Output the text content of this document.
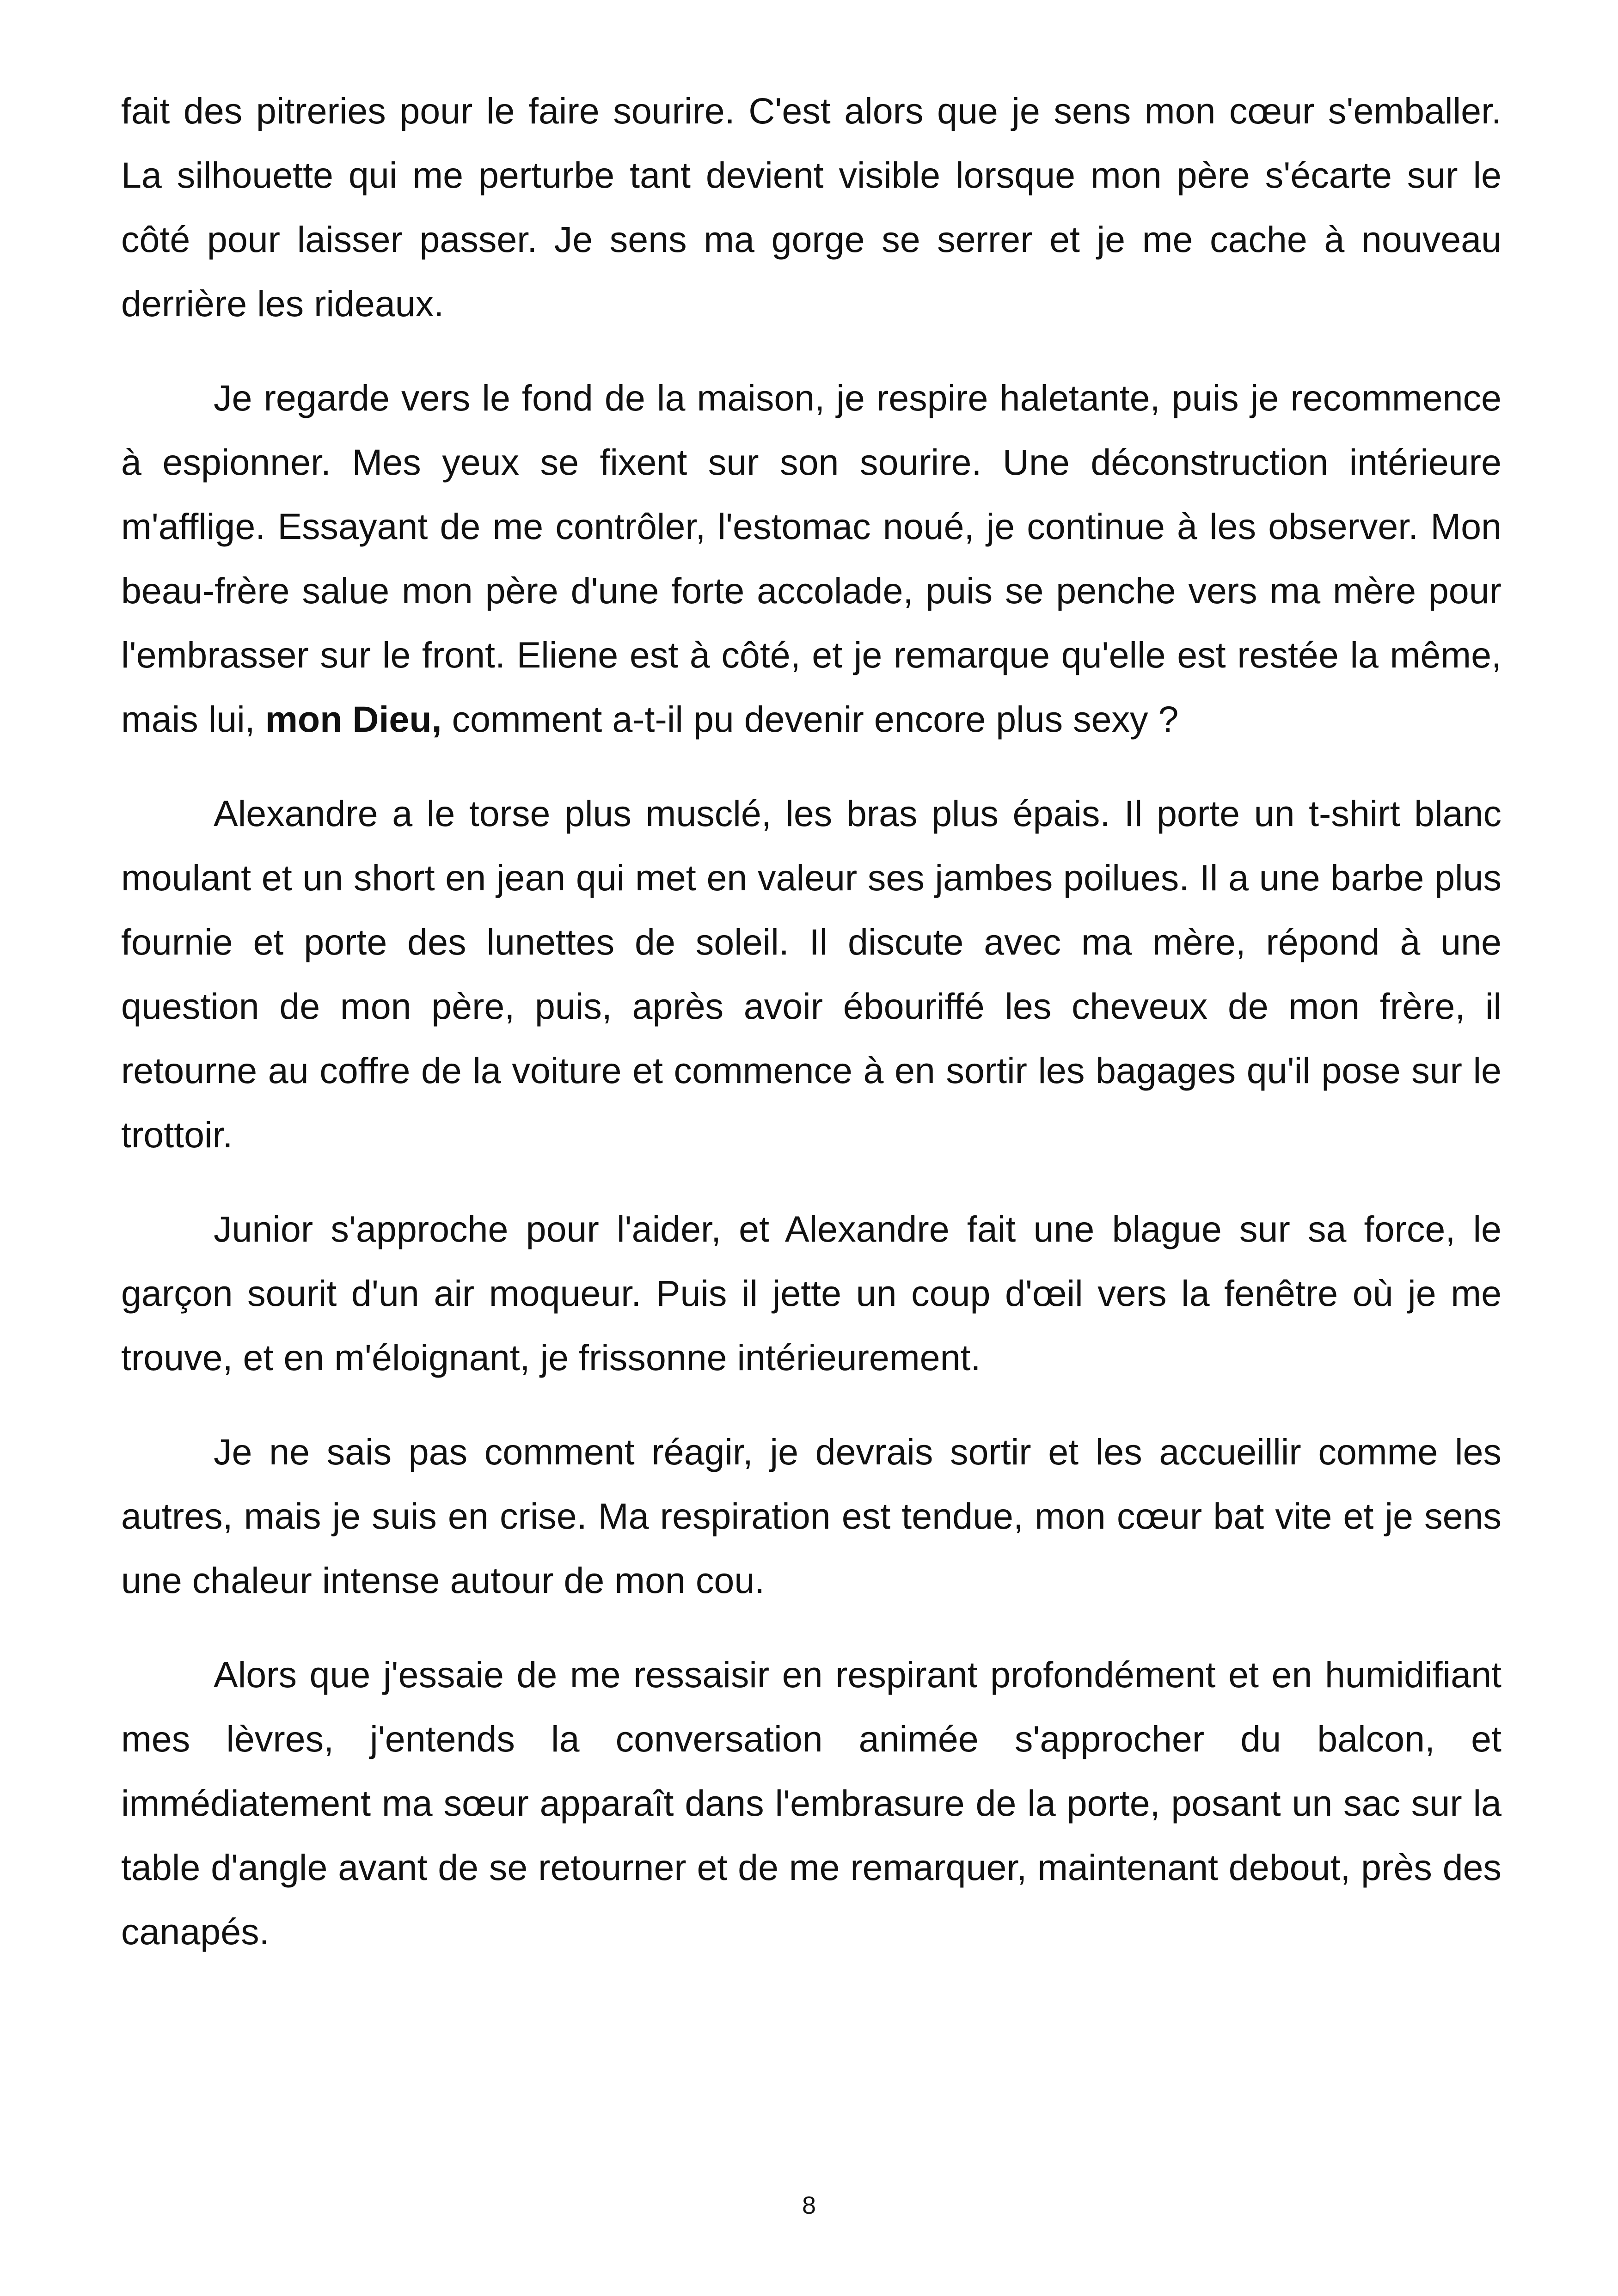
fait des pitreries pour le faire sourire. C'est alors que je sens mon cœur s'emballer. La silhouette qui me perturbe tant devient visible lorsque mon père s'écarte sur le côté pour laisser passer. Je sens ma gorge se serrer et je me cache à nouveau derrière les rideaux.

Je regarde vers le fond de la maison, je respire haletante, puis je recommence à espionner. Mes yeux se fixent sur son sourire. Une déconstruction intérieure m'afflige. Essayant de me contrôler, l'estomac noué, je continue à les observer. Mon beau-frère salue mon père d'une forte accolade, puis se penche vers ma mère pour l'embrasser sur le front. Eliene est à côté, et je remarque qu'elle est restée la même, mais lui, mon Dieu, comment a-t-il pu devenir encore plus sexy ?

Alexandre a le torse plus musclé, les bras plus épais. Il porte un t-shirt blanc moulant et un short en jean qui met en valeur ses jambes poilues. Il a une barbe plus fournie et porte des lunettes de soleil. Il discute avec ma mère, répond à une question de mon père, puis, après avoir ébouriffé les cheveux de mon frère, il retourne au coffre de la voiture et commence à en sortir les bagages qu'il pose sur le trottoir.

Junior s'approche pour l'aider, et Alexandre fait une blague sur sa force, le garçon sourit d'un air moqueur. Puis il jette un coup d'œil vers la fenêtre où je me trouve, et en m'éloignant, je frissonne intérieurement.

Je ne sais pas comment réagir, je devrais sortir et les accueillir comme les autres, mais je suis en crise. Ma respiration est tendue, mon cœur bat vite et je sens une chaleur intense autour de mon cou.

Alors que j'essaie de me ressaisir en respirant profondément et en humidifiant mes lèvres, j'entends la conversation animée s'approcher du balcon, et immédiatement ma sœur apparaît dans l'embrasure de la porte, posant un sac sur la table d'angle avant de se retourner et de me remarquer, maintenant debout, près des canapés.

8
